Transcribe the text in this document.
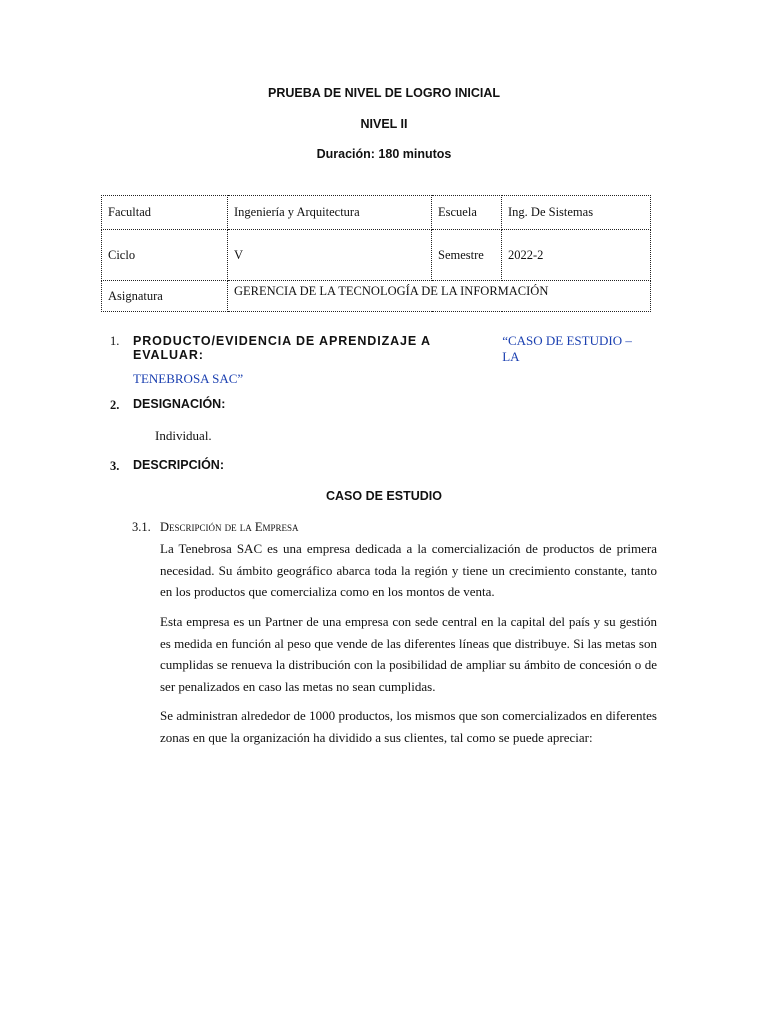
PRUEBA DE NIVEL DE LOGRO INICIAL
NIVEL II
Duración: 180 minutos
Facultad	Ingeniería y Arquitectura	Escuela	Ing. De Sistemas
Ciclo	V	Semestre	2022-2
Asignatura	GERENCIA DE LA TECNOLOGÍA DE LA INFORMACIÓN		
1. PRODUCTO/EVIDENCIA DE APRENDIZAJE A EVALUAR:
“CASO DE ESTUDIO – LA
TENEBROSA SAC”
2. DESIGNACIÓN:
Individual.
3. DESCRIPCIÓN:
CASO DE ESTUDIO
3.1. Descripción de la Empresa
La Tenebrosa SAC es una empresa dedicada a la comercialización de productos de primera necesidad. Su ámbito geográfico abarca toda la región y tiene un crecimiento constante, tanto en los productos que comercializa como en los montos de venta.
Esta empresa es un Partner de una empresa con sede central en la capital del país y su gestión es medida en función al peso que vende de las diferentes líneas que distribuye. Si las metas son cumplidas se renueva la distribución con la posibilidad de ampliar su ámbito de concesión o de ser penalizados en caso las metas no sean cumplidas.
Se administran alrededor de 1000 productos, los mismos que son comercializados en diferentes zonas en que la organización ha dividido a sus clientes, tal como se puede apreciar:
